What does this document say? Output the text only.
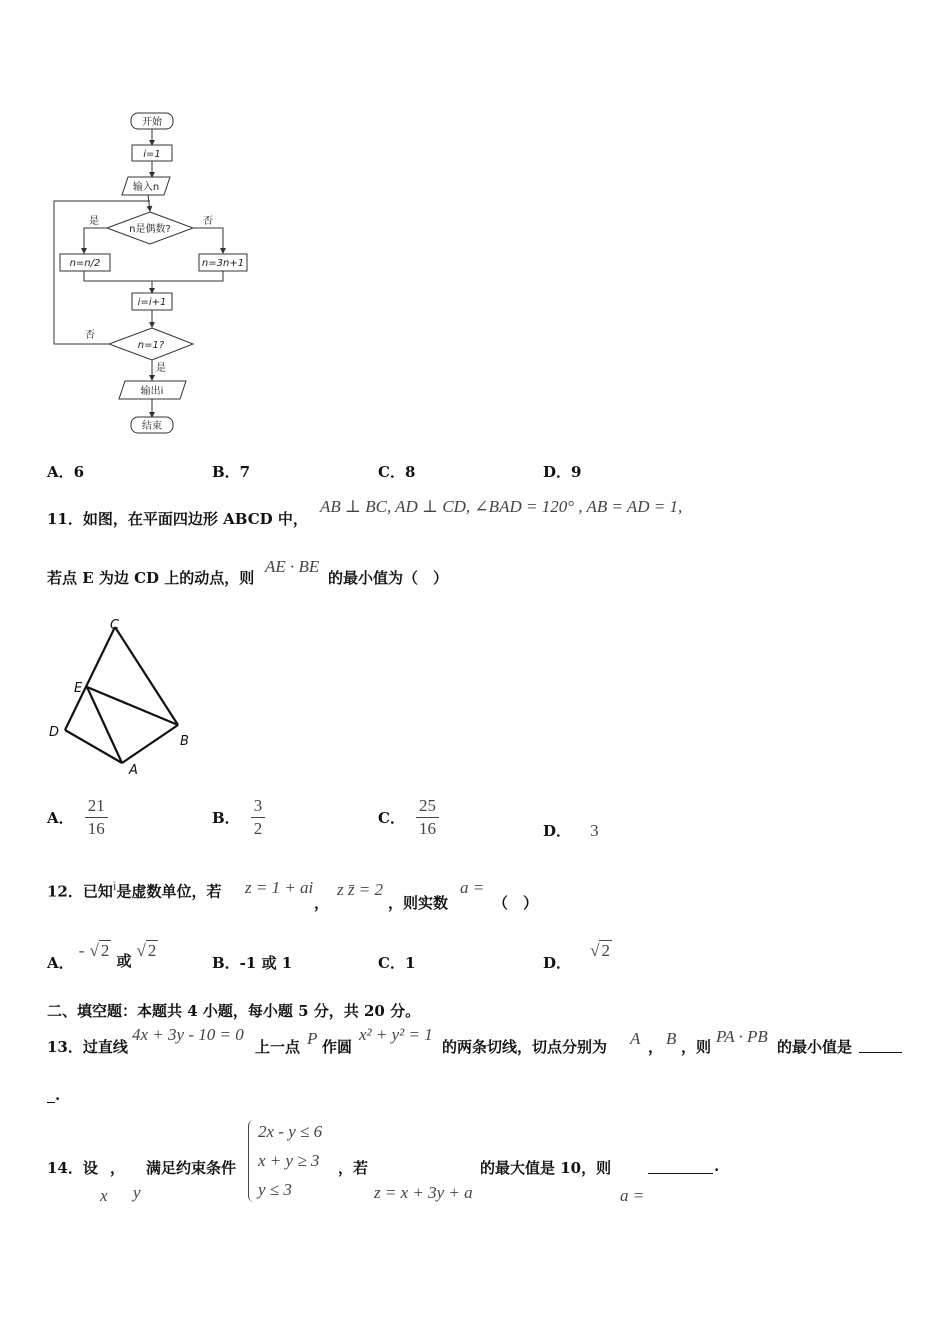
开始
i=1
输入n
n是偶数?
是	否
n=n/2	n=3n+1
i=i+1
n=1?
否
是
输出i
结束
A．6	B．7	C．8	D．9
11．如图，在平面四边形 ABCD 中，
AB ⊥ BC, AD ⊥ CD, ∠BAD = 120° , AB = AD = 1,
若点 E 为边 CD 上的动点，则
AE · BE
的最小值为（　）
C
E
D
B
A
A． $\frac{21}{16}$	B． $\frac{3}{2}$	C． $\frac{25}{16}$	D． 3
12．已知$^i$是虚数单位，若 z = 1 + ai
，
z z̄ = 2
，则实数
a =
（　）
A． - √ 2 或 √ 2
B．-1 或 1	C．1	D． √ 2
二、填空题：本题共 4 小题，每小题 5 分，共 20 分。
13．过直线
4x + 3y - 10 = 0
上一点 P 作圆
x² + y² = 1
的两条切线，切点分别为 A ， B ，则
PA · PB
的最小值是
.
14．设 ， 满足约束条件
x y
2x - y ≤ 6
x + y ≥ 3
y ≤ 3
，若
z = x + 3y + a
的最大值是 10，则
a =
.
